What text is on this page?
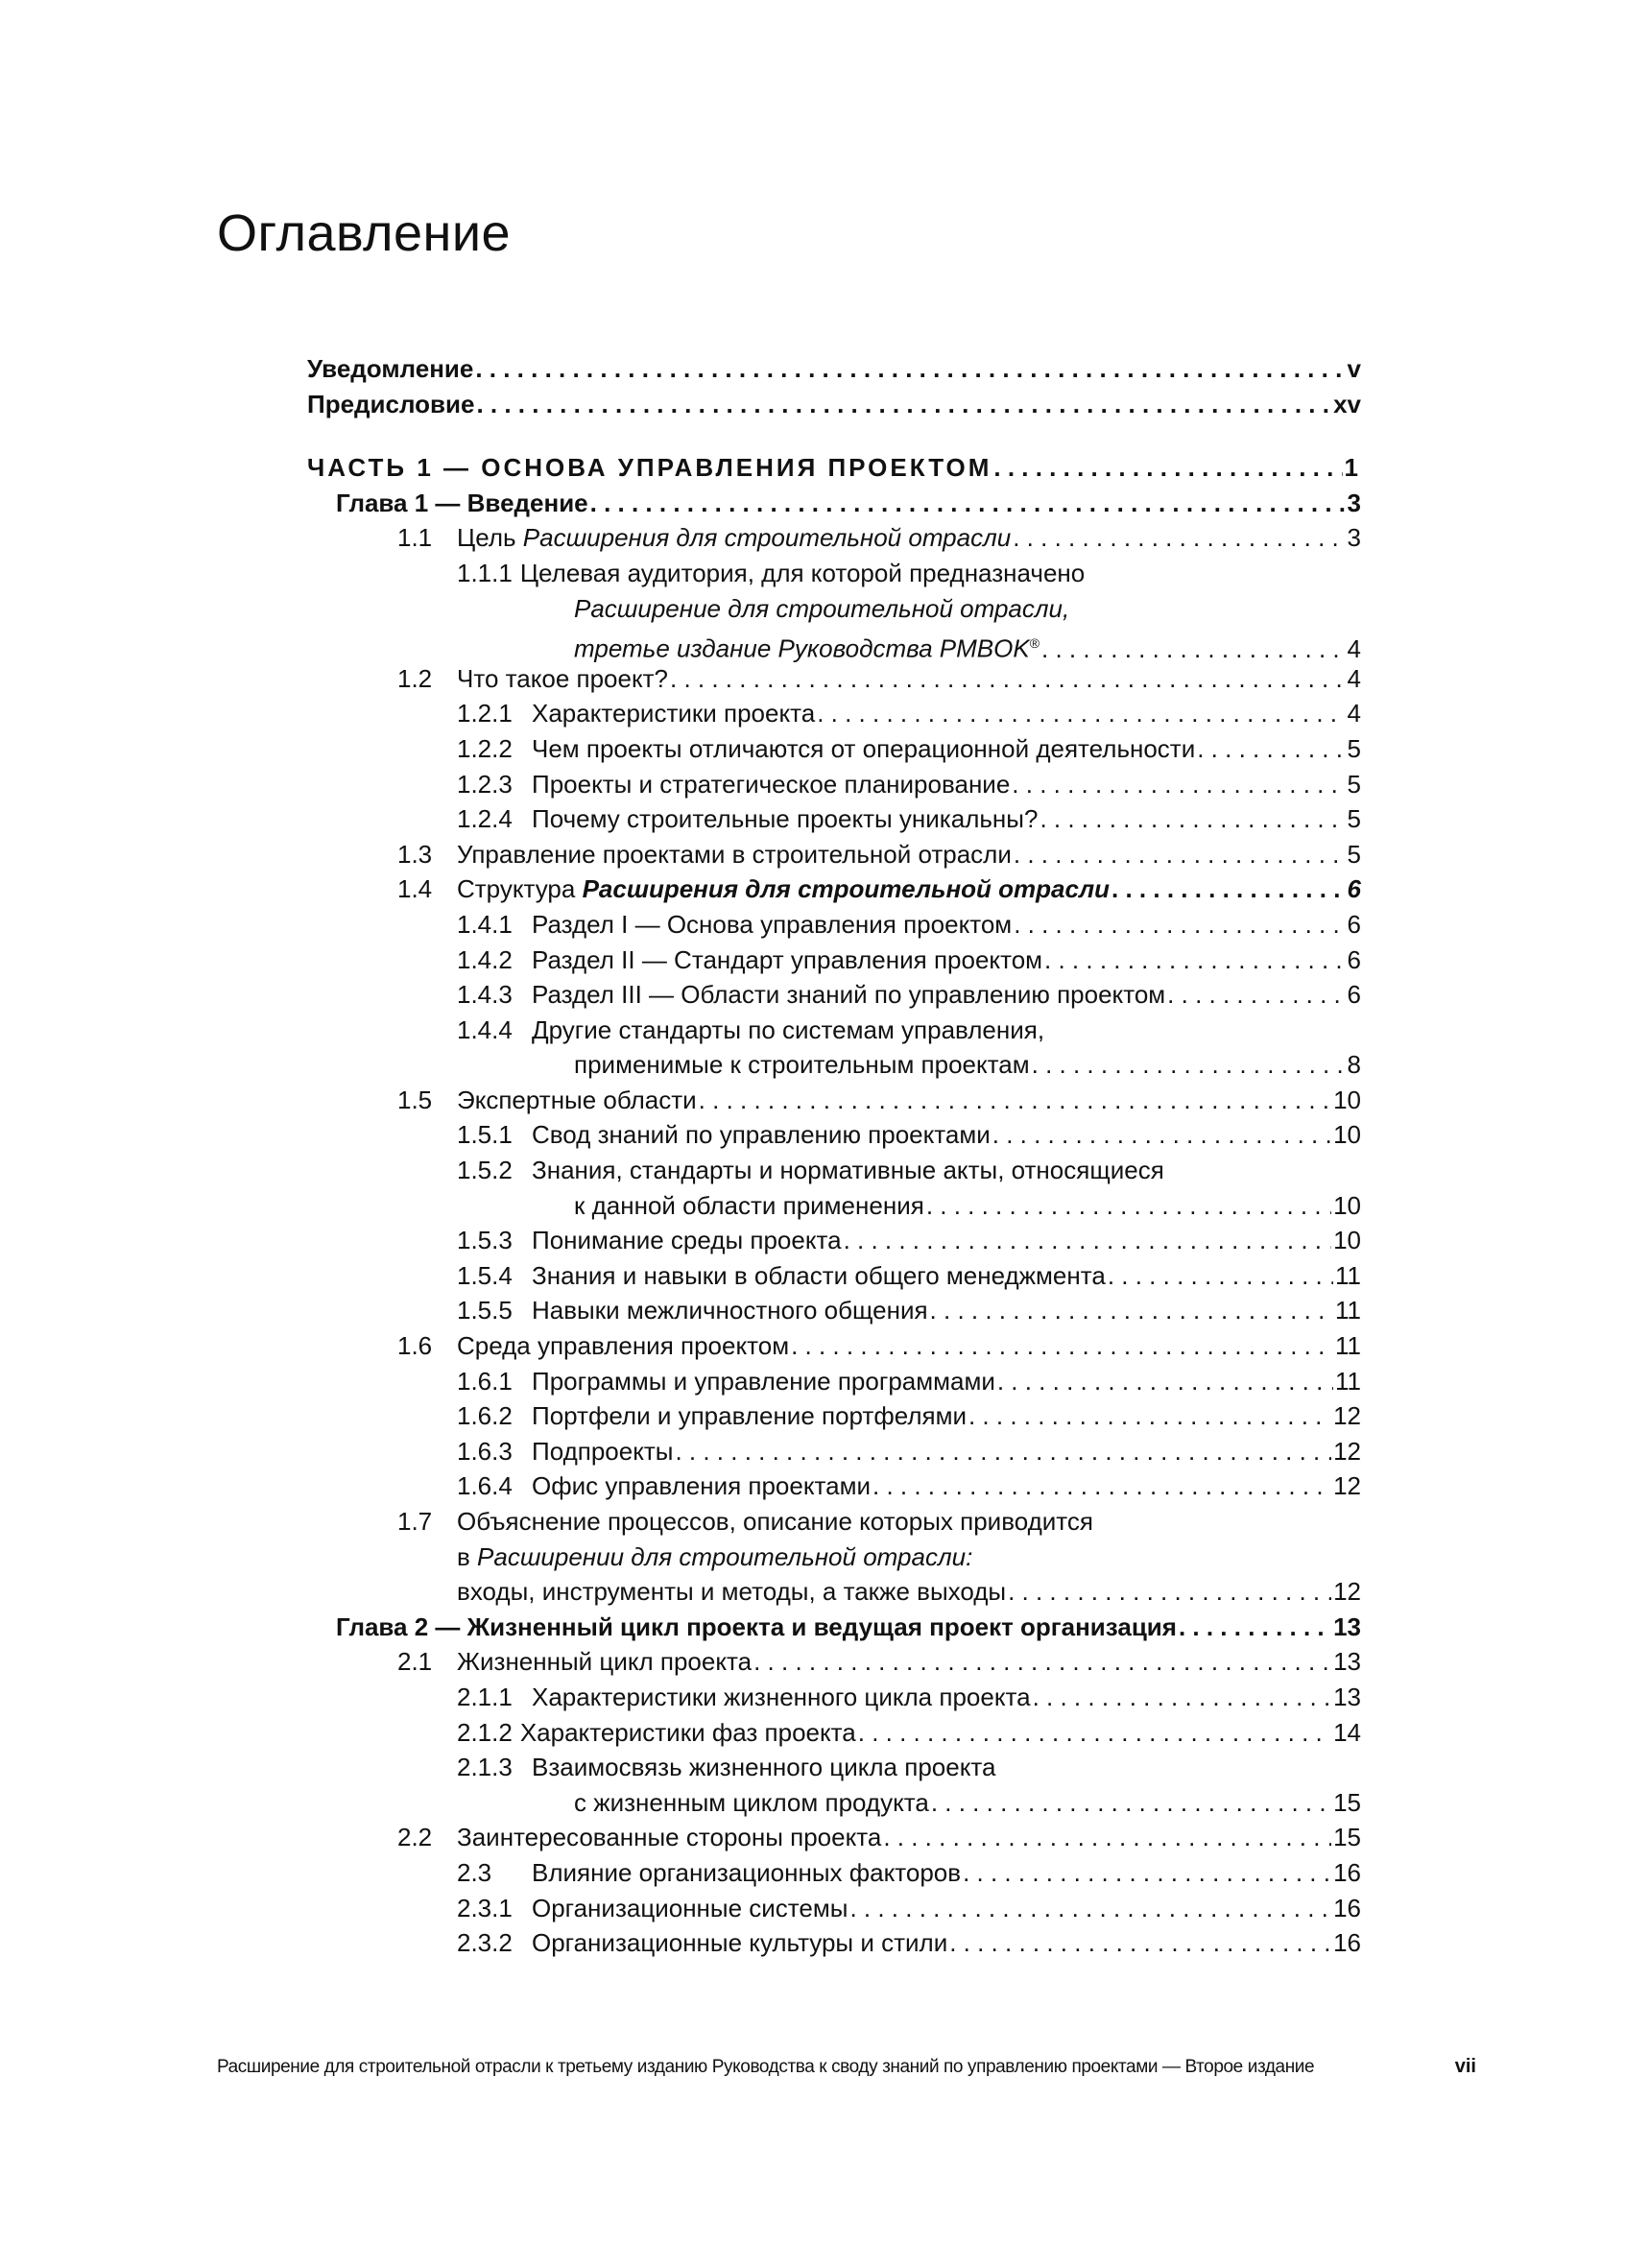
Оглавление
Уведомление . . .	v
Предисловие . . .	xv
ЧАСТЬ 1 — ОСНОВА УПРАВЛЕНИЯ ПРОЕКТОМ . . .	1
Глава 1 — Введение . . .	3
1.1 Цель Расширения для строительной отрасли . . .	3
1.1.1 Целевая аудитория, для которой предназначено
Расширение для строительной отрасли,
третье издание Руководства PMBOK® . . .	4
1.2 Что такое проект? . . .	4
1.2.1 Характеристики проекта . . .	4
1.2.2 Чем проекты отличаются от операционной деятельности . . .	5
1.2.3 Проекты и стратегическое планирование . . .	5
1.2.4 Почему строительные проекты уникальны? . . .	5
1.3 Управление проектами в строительной отрасли . . .	5
1.4 Структура Расширения для строительной отрасли . . .	6
1.4.1 Раздел I — Основа управления проектом . . .	6
1.4.2 Раздел II — Стандарт управления проектом . . .	6
1.4.3 Раздел III — Области знаний по управлению проектом . . .	6
1.4.4 Другие стандарты по системам управления,
применимые к строительным проектам . . .	8
1.5 Экспертные области . . .	10
1.5.1 Свод знаний по управлению проектами . . .	10
1.5.2 Знания, стандарты и нормативные акты, относящиеся
к данной области применения . . .	10
1.5.3 Понимание среды проекта . . .	10
1.5.4 Знания и навыки в области общего менеджмента . . .	11
1.5.5 Навыки межличностного общения . . .	11
1.6 Среда управления проектом . . .	11
1.6.1 Программы и управление программами . . .	11
1.6.2 Портфели и управление портфелями . . .	12
1.6.3 Подпроекты . . .	12
1.6.4 Офис управления проектами . . .	12
1.7 Объяснение процессов, описание которых приводится
в Расширении для строительной отрасли:
входы, инструменты и методы, а также выходы . . .	12
Глава 2 — Жизненный цикл проекта и ведущая проект организация . . .	13
2.1 Жизненный цикл проекта . . .	13
2.1.1 Характеристики жизненного цикла проекта . . .	13
2.1.2 Характеристики фаз проекта . . .	14
2.1.3 Взаимосвязь жизненного цикла проекта
с жизненным циклом продукта . . .	15
2.2 Заинтересованные стороны проекта . . .	15
2.3	Влияние организационных факторов . . .	16
2.3.1 Организационные системы . . .	16
2.3.2 Организационные культуры и стили . . .	16
Расширение для строительной отрасли к третьему изданию Руководства к своду знаний по управлению проектами — Второе издание	vii
